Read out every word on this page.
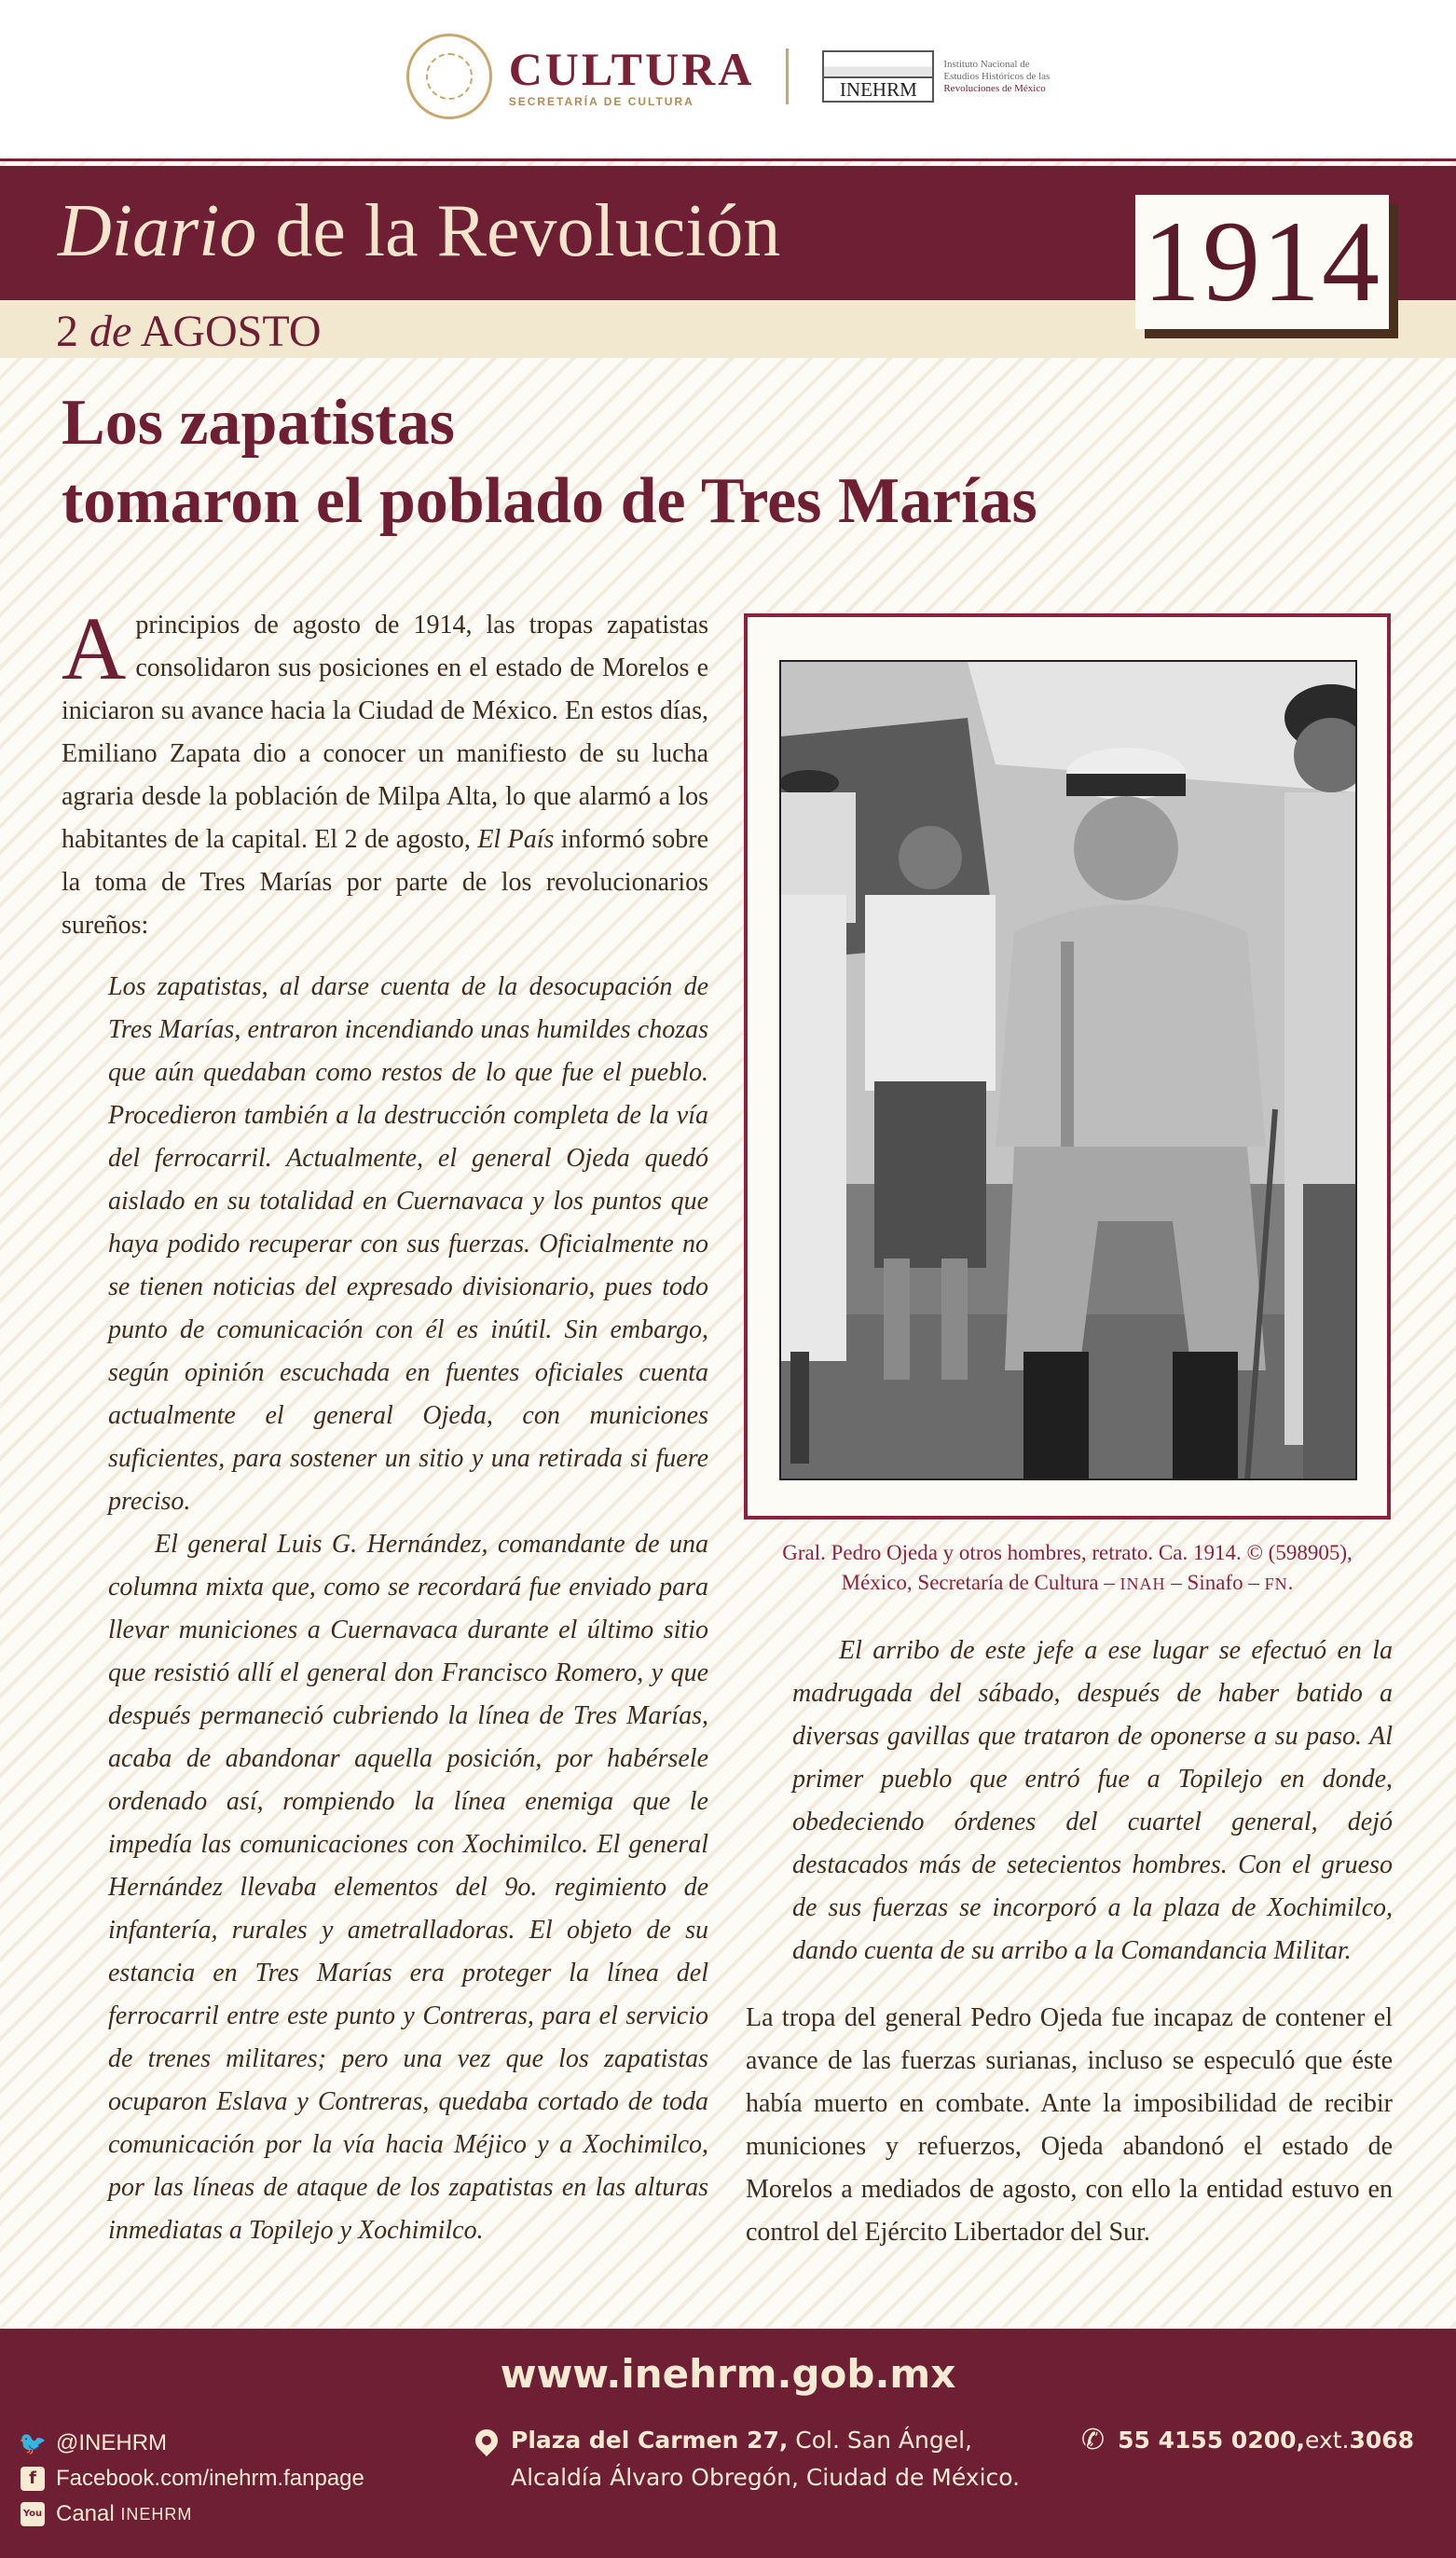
CULTURA
SECRETARÍA DE CULTURA
INEHRM
Instituto Nacional de
Estudios Históricos de las
Revoluciones de México
Diario de la Revolución
2 de AGOSTO
1914
Los zapatistas
tomaron el poblado de Tres Marías

Aprincipios de agosto de 1914, las tropas zapatistas consolidaron sus posiciones en el estado de Morelos e iniciaron su avance hacia la Ciudad de México. En estos días, Emiliano Zapata dio a conocer un manifiesto de su lucha agraria desde la población de Milpa Alta, lo que alarmó a los habitantes de la capital. El 2 de agosto, El País informó sobre la toma de Tres Marías por parte de los revolucionarios sureños:

Los zapatistas, al darse cuenta de la desocupación de Tres Marías, entraron incendiando unas humildes chozas que aún quedaban como restos de lo que fue el pueblo. Procedieron también a la destrucción completa de la vía del ferrocarril. Actualmente, el general Ojeda quedó aislado en su totalidad en Cuernavaca y los puntos que haya podido recuperar con sus fuerzas. Oficialmente no se tienen noticias del expresado divisionario, pues todo punto de comunicación con él es inútil. Sin embargo, según opinión escuchada en fuentes oficiales cuenta actualmente el general Ojeda, con municiones suficientes, para sostener un sitio y una retirada si fuere preciso.

El general Luis G. Hernández, comandante de una columna mixta que, como se recordará fue enviado para llevar municiones a Cuernavaca durante el último sitio que resistió allí el general don Francisco Romero, y que después permaneció cubriendo la línea de Tres Marías, acaba de abandonar aquella posición, por habérsele ordenado así, rompiendo la línea enemiga que le impedía las comunicaciones con Xochimilco. El general Hernández llevaba elementos del 9o. regimiento de infantería, rurales y ametralladoras. El objeto de su estancia en Tres Marías era proteger la línea del ferrocarril entre este punto y Contreras, para el servicio de trenes militares; pero una vez que los zapatistas ocuparon Eslava y Contreras, quedaba cortado de toda comunicación por la vía hacia Méjico y a Xochimilco, por las líneas de ataque de los zapatistas en las alturas inmediatas a Topilejo y Xochimilco.

Gral. Pedro Ojeda y otros hombres, retrato. Ca. 1914. © (598905),
México, Secretaría de Cultura – INAH – Sinafo – FN.

El arribo de este jefe a ese lugar se efectuó en la madrugada del sábado, después de haber batido a diversas gavillas que trataron de oponerse a su paso. Al primer pueblo que entró fue a Topilejo en donde, obedeciendo órdenes del cuartel general, dejó destacados más de setecientos hombres. Con el grueso de sus fuerzas se incorporó a la plaza de Xochimilco, dando cuenta de su arribo a la Comandancia Militar.

La tropa del general Pedro Ojeda fue incapaz de contener el avance de las fuerzas surianas, incluso se especuló que éste había muerto en combate. Ante la imposibilidad de recibir municiones y refuerzos, Ojeda abandonó el estado de Morelos a mediados de agosto, con ello la entidad estuvo en control del Ejército Libertador del Sur.

www.inehrm.gob.mx
🐦 @INEHRM
f Facebook.com/inehrm.fanpage
You Canal
INEHRM
Plaza del Carmen 27, Col. San Ángel,
Alcaldía Álvaro Obregón, Ciudad de México.
✆ 55 4155 0200, ext. 3068
